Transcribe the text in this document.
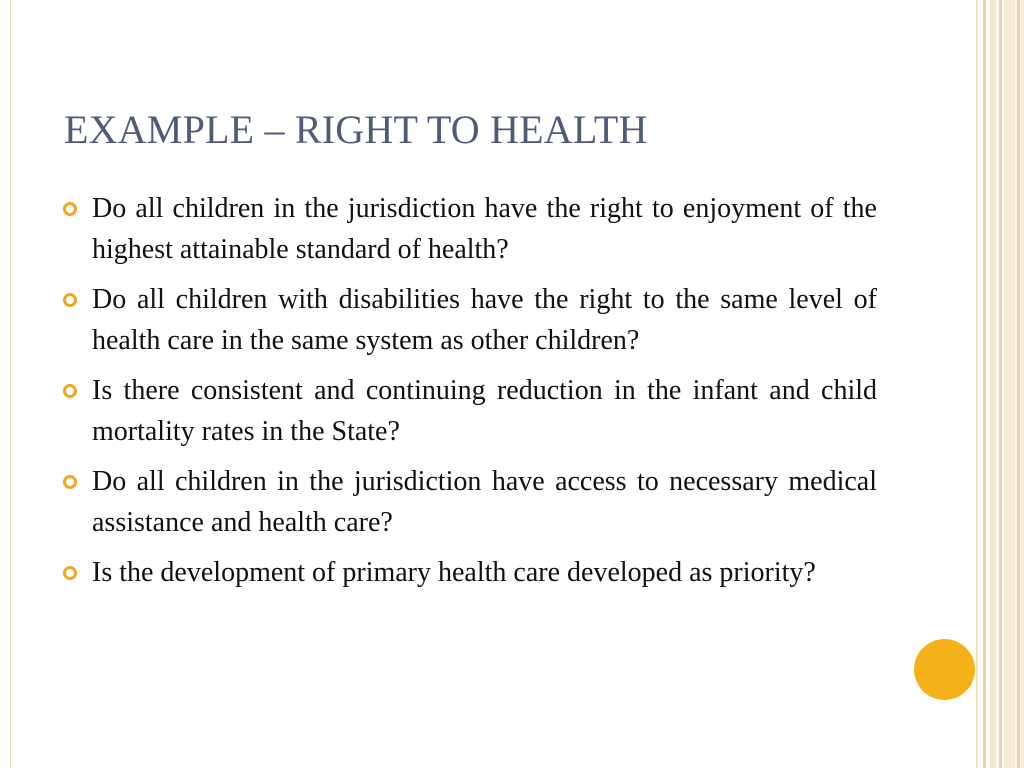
EXAMPLE – RIGHT TO HEALTH
Do all children in the jurisdiction have the right to enjoyment of the highest attainable standard of health?
Do all children with disabilities have the right to the same level of health care in the same system as other children?
Is there consistent and continuing reduction in the infant and child mortality rates in the State?
Do all children in the jurisdiction have access to necessary medical assistance and health care?
Is the development of primary health care developed as priority?
